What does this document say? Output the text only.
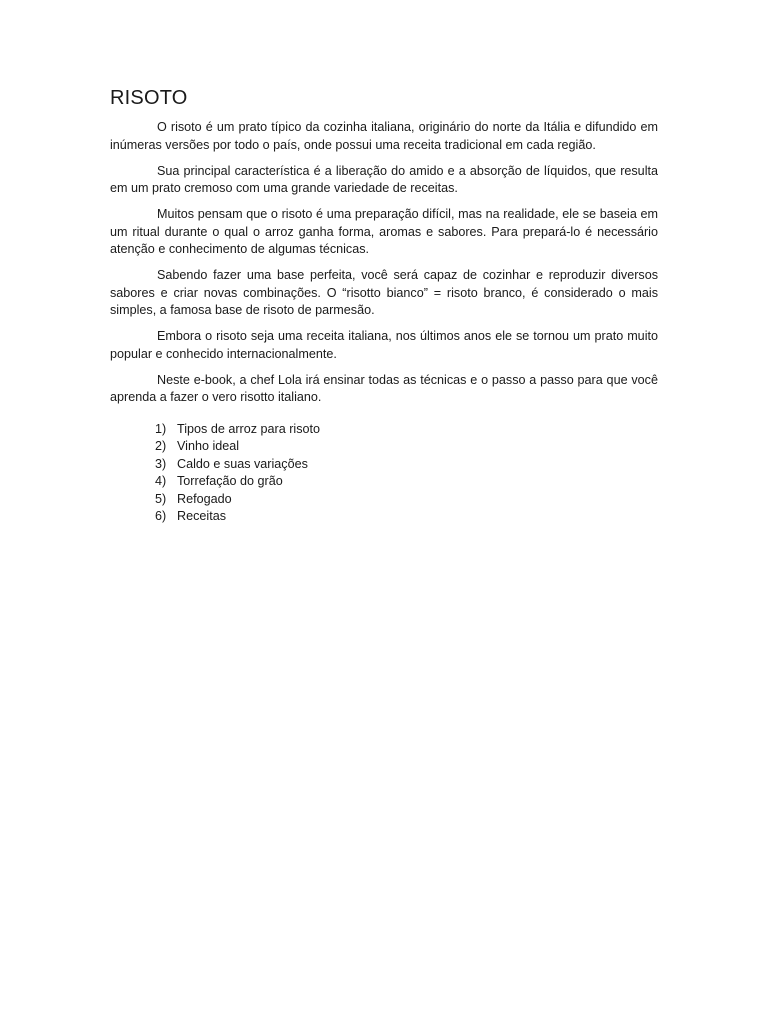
RISOTO

O risoto é um prato típico da cozinha italiana, originário do norte da Itália e difundido em inúmeras versões por todo o país, onde possui uma receita tradicional em cada região.

Sua principal característica é a liberação do amido e a absorção de líquidos, que resulta em um prato cremoso com uma grande variedade de receitas.

Muitos pensam que o risoto é uma preparação difícil, mas na realidade, ele se baseia em um ritual durante o qual o arroz ganha forma, aromas e sabores. Para prepará-lo é necessário atenção e conhecimento de algumas técnicas.

Sabendo fazer uma base perfeita, você será capaz de cozinhar e reproduzir diversos sabores e criar novas combinações. O “risotto bianco” = risoto branco, é considerado o mais simples, a famosa base de risoto de parmesão.

Embora o risoto seja uma receita italiana, nos últimos anos ele se tornou um prato muito popular e conhecido internacionalmente.

Neste e-book, a chef Lola irá ensinar todas as técnicas e o passo a passo para que você aprenda a fazer o vero risotto italiano.

1) Tipos de arroz para risoto
2) Vinho ideal
3) Caldo e suas variações
4) Torrefação do grão
5) Refogado
6) Receitas
